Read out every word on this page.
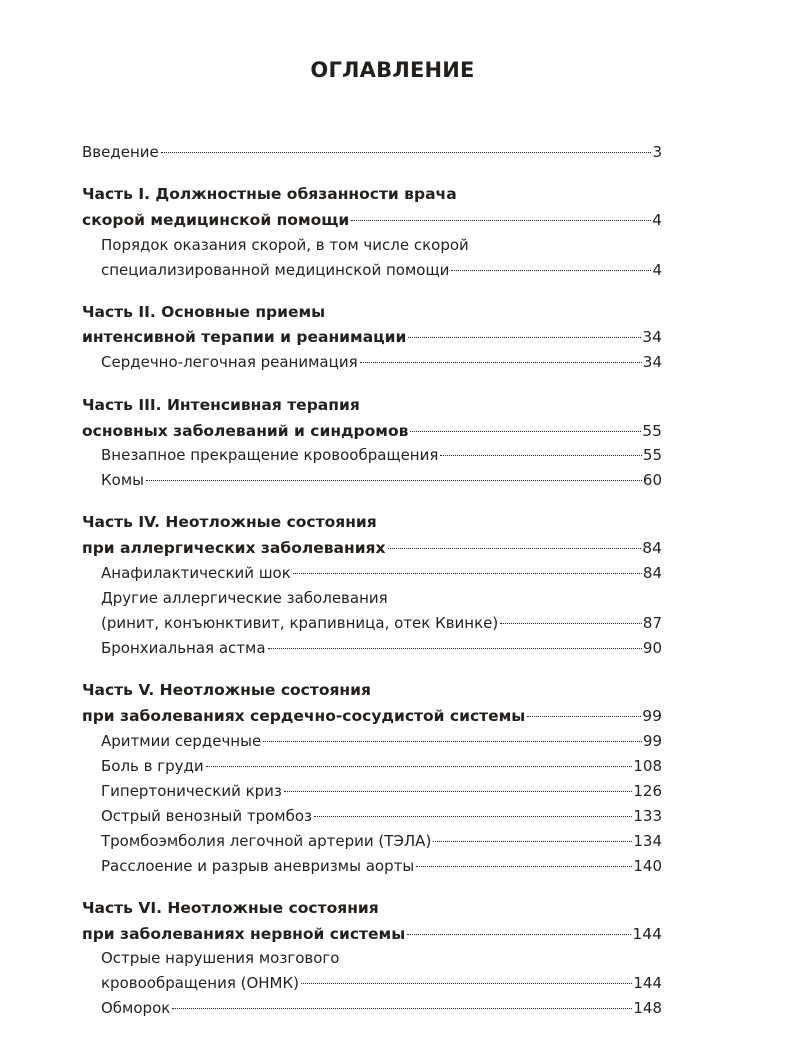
ОГЛАВЛЕНИЕ
Введение	3
Часть I. Должностные обязанности врача
скорой медицинской помощи	4
Порядок оказания скорой, в том числе скорой
специализированной медицинской помощи	4
Часть II. Основные приемы
интенсивной терапии и реанимации	34
Сердечно-легочная реанимация	34
Часть III. Интенсивная терапия
основных заболеваний и синдромов	55
Внезапное прекращение кровообращения	55
Комы	60
Часть IV. Неотложные состояния
при аллергических заболеваниях	84
Анафилактический шок	84
Другие аллергические заболевания
(ринит, конъюнктивит, крапивница, отек Квинке)	87
Бронхиальная астма	90
Часть V. Неотложные состояния
при заболеваниях сердечно-сосудистой системы	99
Аритмии сердечные	99
Боль в груди	108
Гипертонический криз	126
Острый венозный тромбоз	133
Тромбоэмболия легочной артерии (ТЭЛА)	134
Расслоение и разрыв аневризмы аорты	140
Часть VI. Неотложные состояния
при заболеваниях нервной системы	144
Острые нарушения мозгового
кровообращения (ОНМК)	144
Обморок	148
